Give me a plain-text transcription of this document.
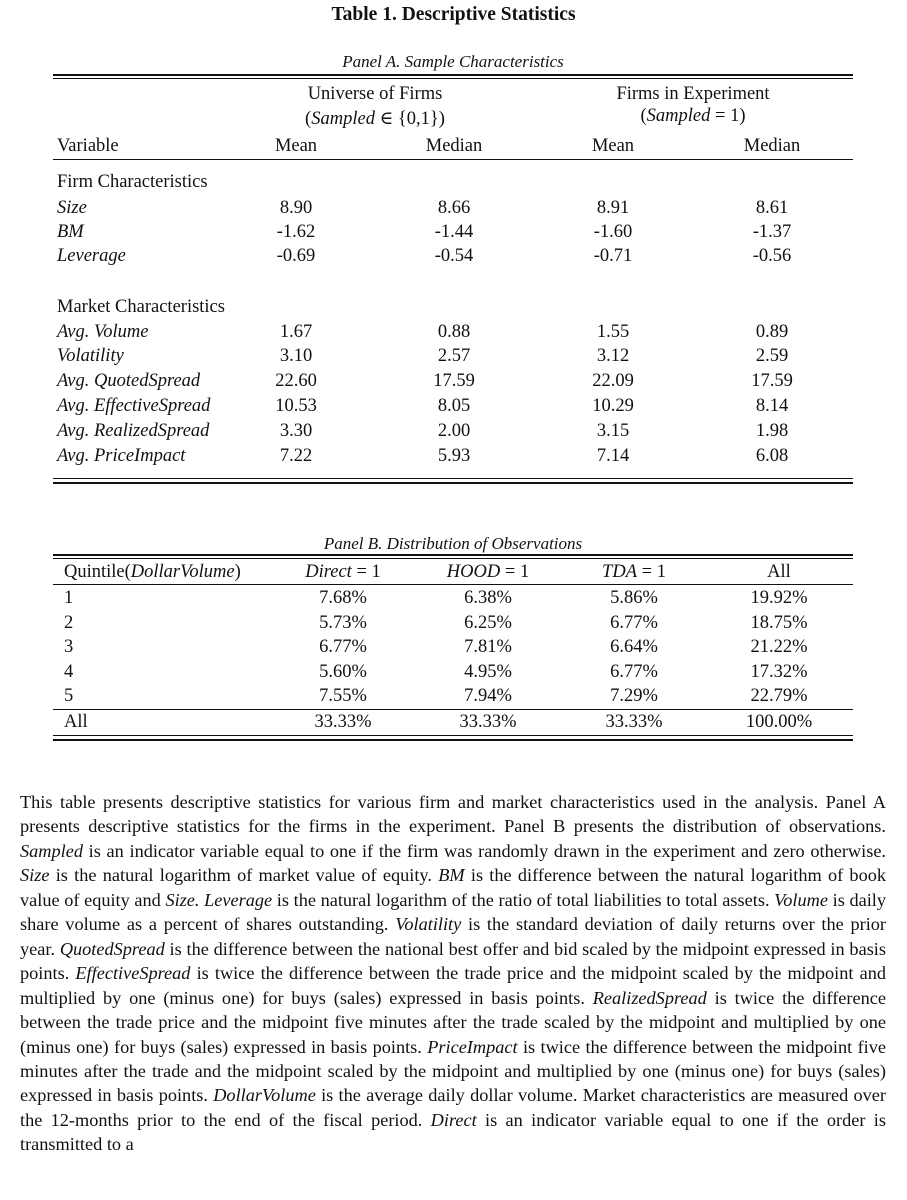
Table 1. Descriptive Statistics
Panel A. Sample Characteristics
Universe of Firms
(Sampled ∈ {0,1})
Firms in Experiment
(Sampled = 1)
Variable	Mean	Median	Mean	Median
Firm Characteristics
Size	8.90	8.66	8.91	8.61
BM	-1.62	-1.44	-1.60	-1.37
Leverage	-0.69	-0.54	-0.71	-0.56
Market Characteristics
Avg. Volume	1.67	0.88	1.55	0.89
Volatility	3.10	2.57	3.12	2.59
Avg. QuotedSpread	22.60	17.59	22.09	17.59
Avg. EffectiveSpread	10.53	8.05	10.29	8.14
Avg. RealizedSpread	3.30	2.00	3.15	1.98
Avg. PriceImpact	7.22	5.93	7.14	6.08
Panel B. Distribution of Observations
Quintile(DollarVolume)	Direct = 1	HOOD = 1	TDA = 1	All
1	7.68%	6.38%	5.86%	19.92%
2	5.73%	6.25%	6.77%	18.75%
3	6.77%	7.81%	6.64%	21.22%
4	5.60%	4.95%	6.77%	17.32%
5	7.55%	7.94%	7.29%	22.79%
All	33.33%	33.33%	33.33%	100.00%
This table presents descriptive statistics for various firm and market characteristics used in the analysis. Panel A presents descriptive statistics for the firms in the experiment. Panel B presents the distribution of observations. Sampled is an indicator variable equal to one if the firm was randomly drawn in the experiment and zero otherwise. Size is the natural logarithm of market value of equity. BM is the difference between the natural logarithm of book value of equity and Size. Leverage is the natural logarithm of the ratio of total liabilities to total assets. Volume is daily share volume as a percent of shares outstanding. Volatility is the standard deviation of daily returns over the prior year. QuotedSpread is the difference between the national best offer and bid scaled by the midpoint expressed in basis points. EffectiveSpread is twice the difference between the trade price and the midpoint scaled by the midpoint and multiplied by one (minus one) for buys (sales) expressed in basis points. RealizedSpread is twice the difference between the trade price and the midpoint five minutes after the trade scaled by the midpoint and multiplied by one (minus one) for buys (sales) expressed in basis points. PriceImpact is twice the difference between the midpoint five minutes after the trade and the midpoint scaled by the midpoint and multiplied by one (minus one) for buys (sales) expressed in basis points. DollarVolume is the average daily dollar volume. Market characteristics are measured over the 12-months prior to the end of the fiscal period. Direct is an indicator variable equal to one if the order is transmitted to a
